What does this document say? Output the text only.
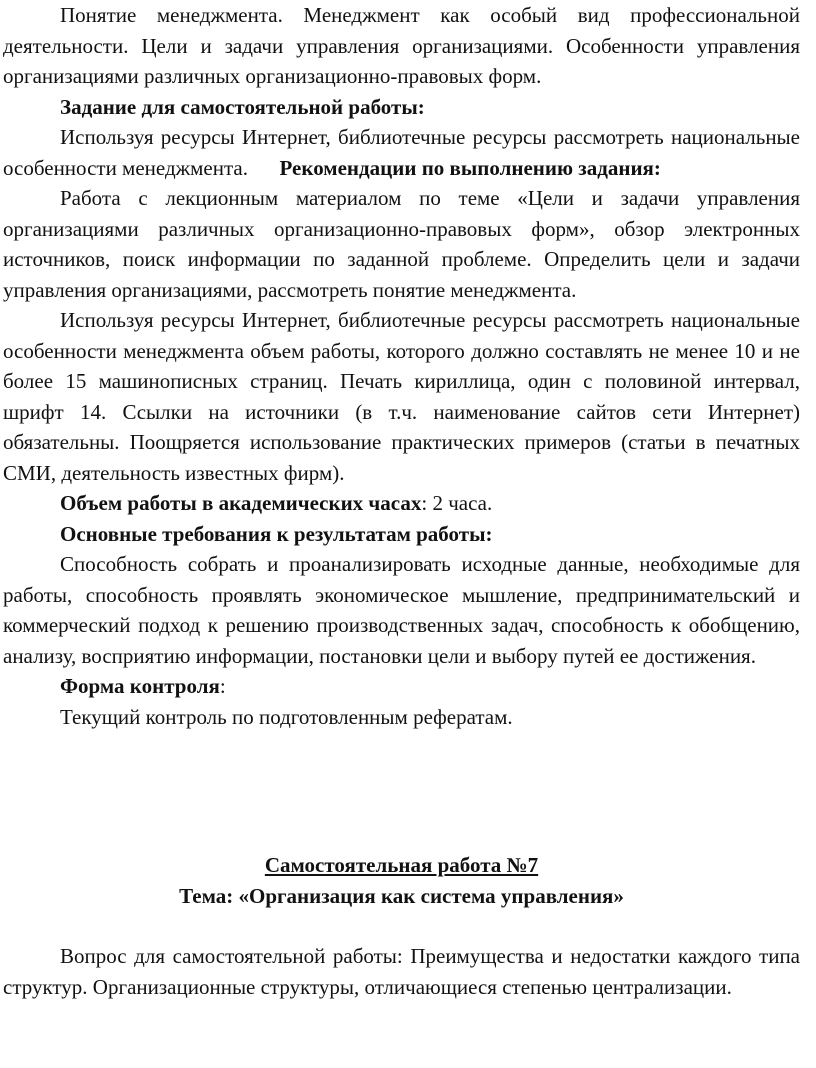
Понятие менеджмента. Менеджмент как особый вид профессиональной деятельности. Цели и задачи управления организациями. Особенности управления организациями различных организационно-правовых форм.

Задание для самостоятельной работы:

Используя ресурсы Интернет, библиотечные ресурсы рассмотреть национальные особенности менеджмента. Рекомендации по выполнению задания:

Работа с лекционным материалом по теме «Цели и задачи управления организациями различных организационно-правовых форм», обзор электронных источников, поиск информации по заданной проблеме. Определить цели и задачи управления организациями, рассмотреть понятие менеджмента.

Используя ресурсы Интернет, библиотечные ресурсы рассмотреть национальные особенности менеджмента объем работы, которого должно составлять не менее 10 и не более 15 машинописных страниц. Печать кириллица, один с половиной интервал, шрифт 14. Ссылки на источники (в т.ч. наименование сайтов сети Интернет) обязательны. Поощряется использование практических примеров (статьи в печатных СМИ, деятельность известных фирм).

Объем работы в академических часах: 2 часа.

Основные требования к результатам работы:

Способность собрать и проанализировать исходные данные, необходимые для работы, способность проявлять экономическое мышление, предпринимательский и коммерческий подход к решению производственных задач, способность к обобщению, анализу, восприятию информации, постановки цели и выбору путей ее достижения.

Форма контроля:

Текущий контроль по подготовленным рефератам.

Самостоятельная работа №7

Тема: «Организация как система управления»

Вопрос для самостоятельной работы: Преимущества и недостатки каждого типа структур. Организационные структуры, отличающиеся степенью централизации.
